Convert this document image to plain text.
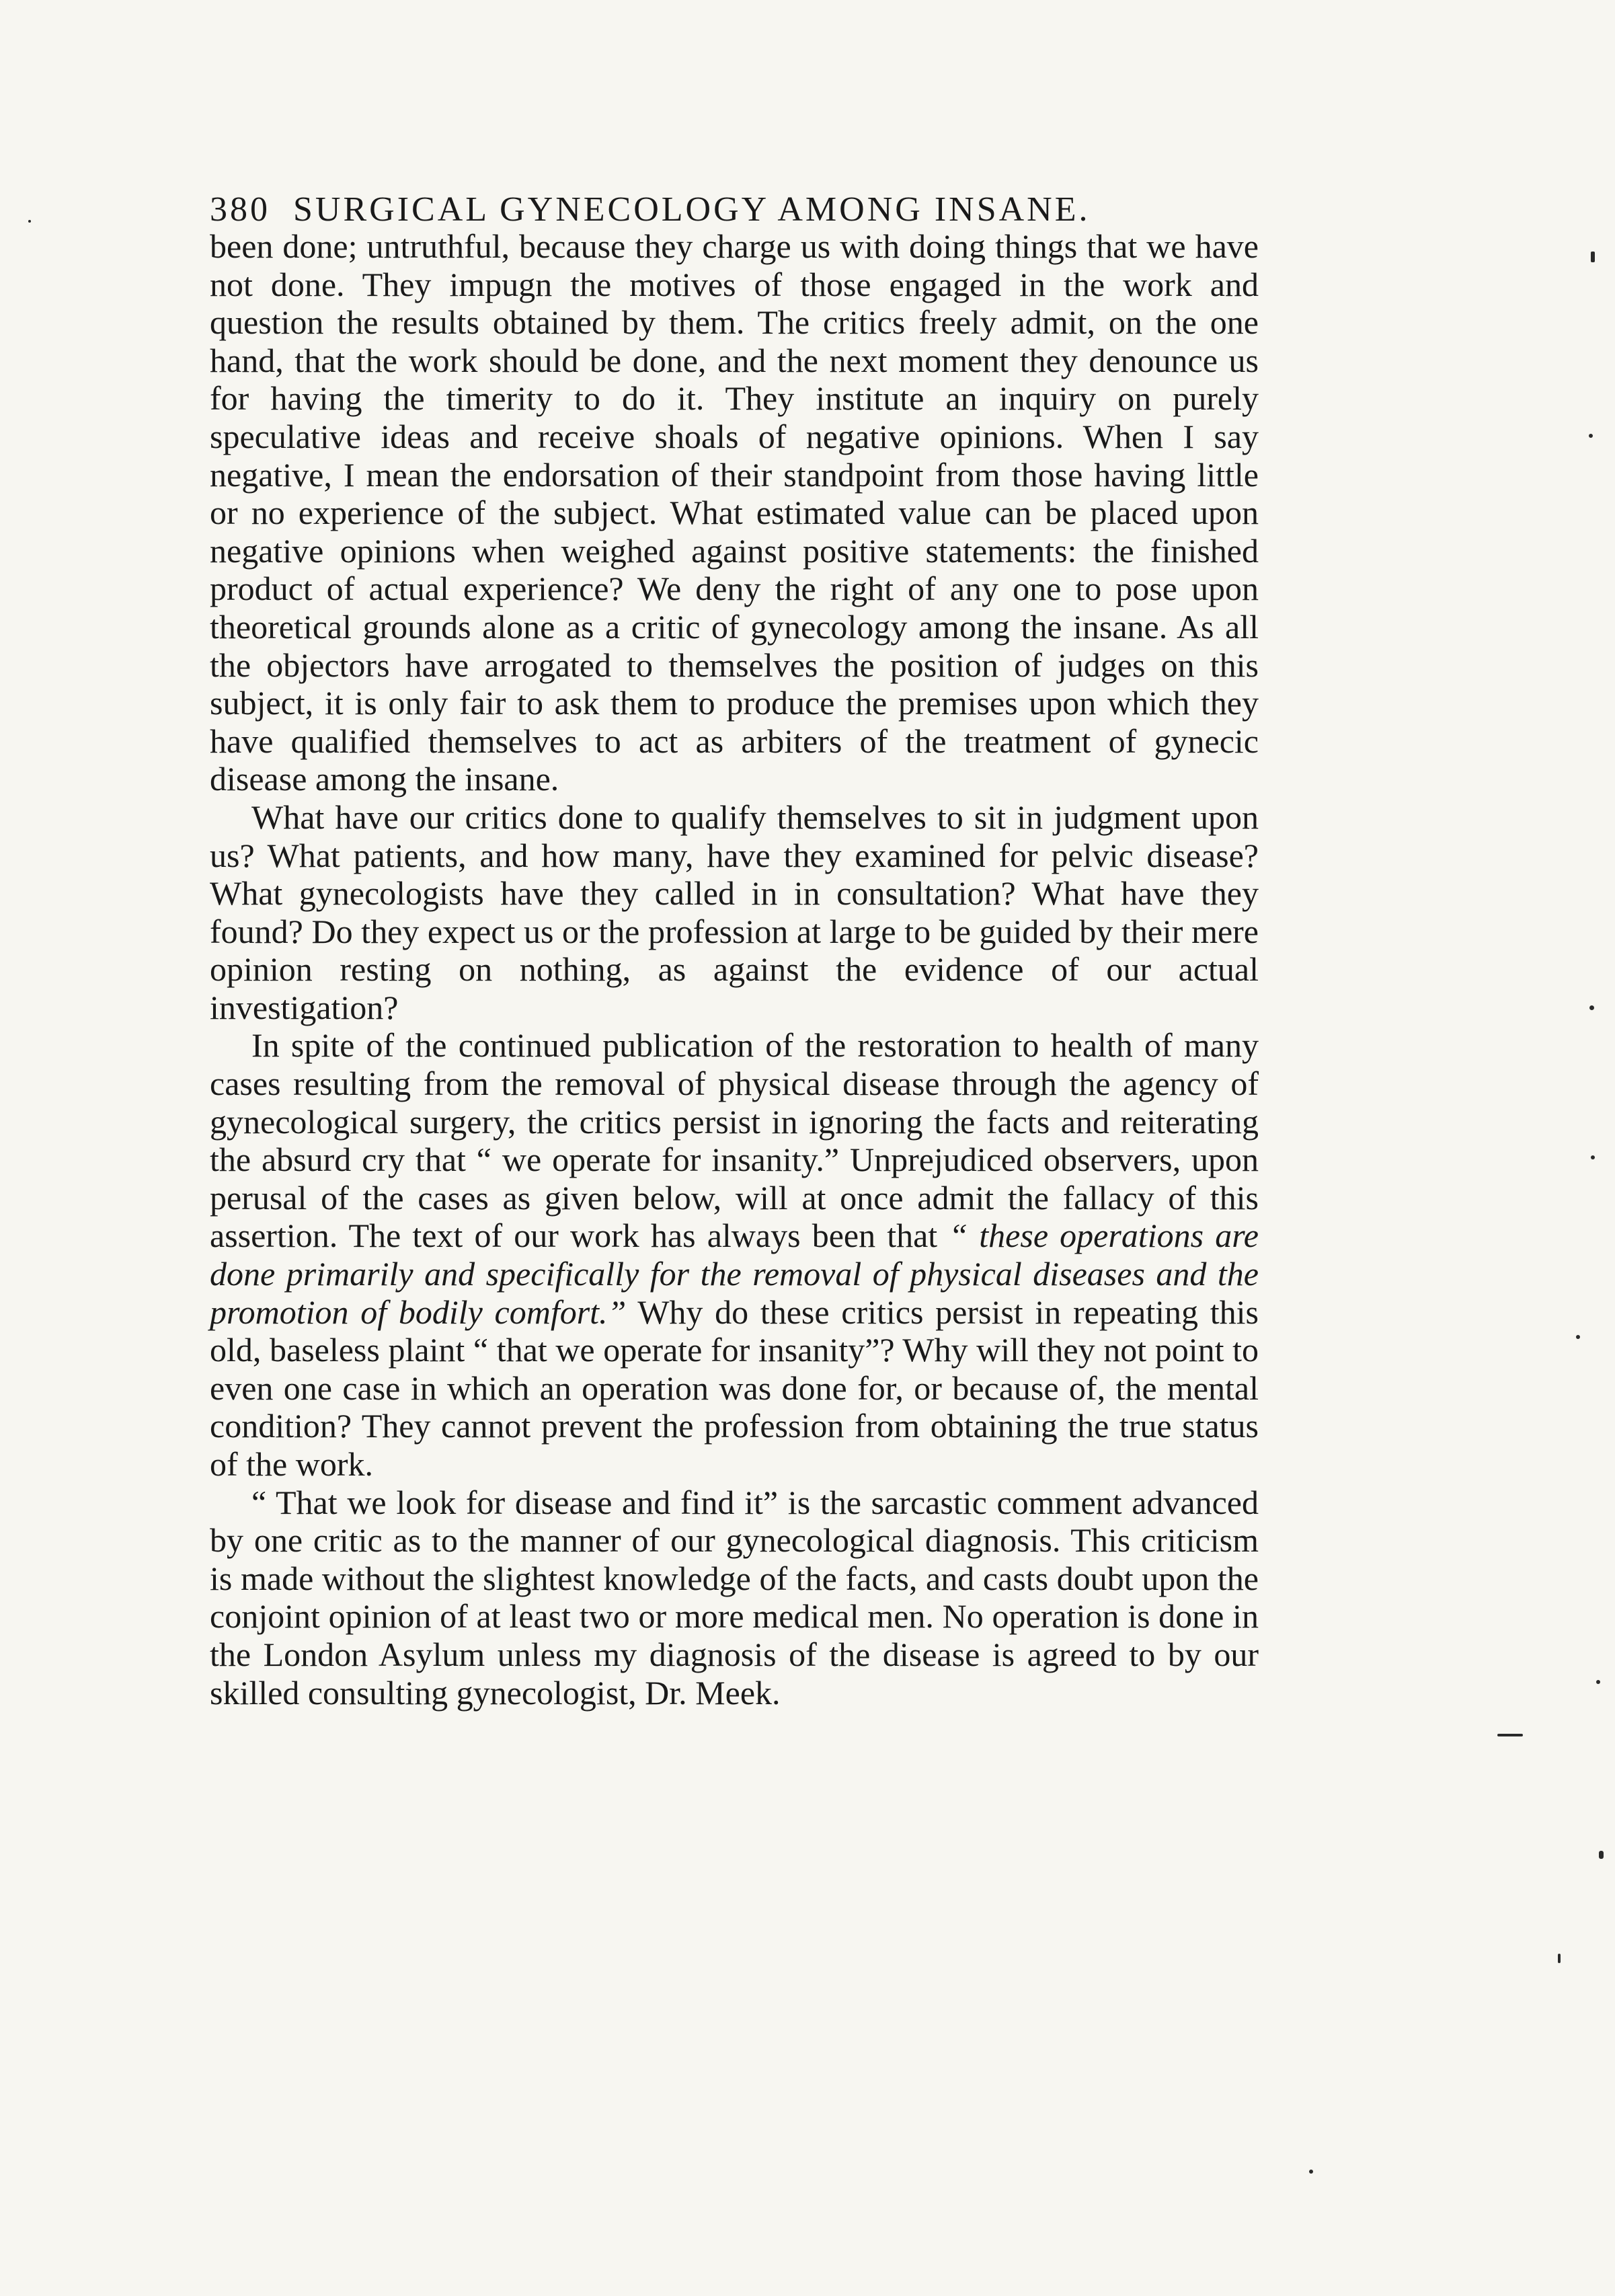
380 SURGICAL GYNECOLOGY AMONG INSANE.

been done; untruthful, because they charge us with doing things that we have not done. They impugn the motives of those engaged in the work and question the results obtained by them. The critics freely admit, on the one hand, that the work should be done, and the next moment they denounce us for having the timerity to do it. They institute an inquiry on purely speculative ideas and receive shoals of negative opinions. When I say negative, I mean the endorsation of their standpoint from those having little or no experience of the subject. What estimated value can be placed upon negative opinions when weighed against positive statements: the finished product of actual experience? We deny the right of any one to pose upon theoretical grounds alone as a critic of gynecology among the insane. As all the objectors have arrogated to themselves the position of judges on this subject, it is only fair to ask them to produce the premises upon which they have qualified themselves to act as arbiters of the treatment of gynecic disease among the insane.

What have our critics done to qualify themselves to sit in judgment upon us? What patients, and how many, have they examined for pelvic disease? What gynecologists have they called in in consultation? What have they found? Do they expect us or the profession at large to be guided by their mere opinion resting on nothing, as against the evidence of our actual investigation?

In spite of the continued publication of the restoration to health of many cases resulting from the removal of physical disease through the agency of gynecological surgery, the critics persist in ignoring the facts and reiterating the absurd cry that “ we operate for insanity.” Unprejudiced observers, upon perusal of the cases as given below, will at once admit the fallacy of this assertion. The text of our work has always been that “ these operations are done primarily and specifically for the removal of physical diseases and the promotion of bodily comfort.” Why do these critics persist in repeating this old, baseless plaint “ that we operate for insanity”? Why will they not point to even one case in which an operation was done for, or because of, the mental condition? They cannot prevent the profession from obtaining the true status of the work.

“ That we look for disease and find it” is the sarcastic comment advanced by one critic as to the manner of our gynecological diagnosis. This criticism is made without the slightest knowledge of the facts, and casts doubt upon the conjoint opinion of at least two or more medical men. No operation is done in the London Asylum unless my diagnosis of the disease is agreed to by our skilled consulting gynecologist, Dr. Meek.
